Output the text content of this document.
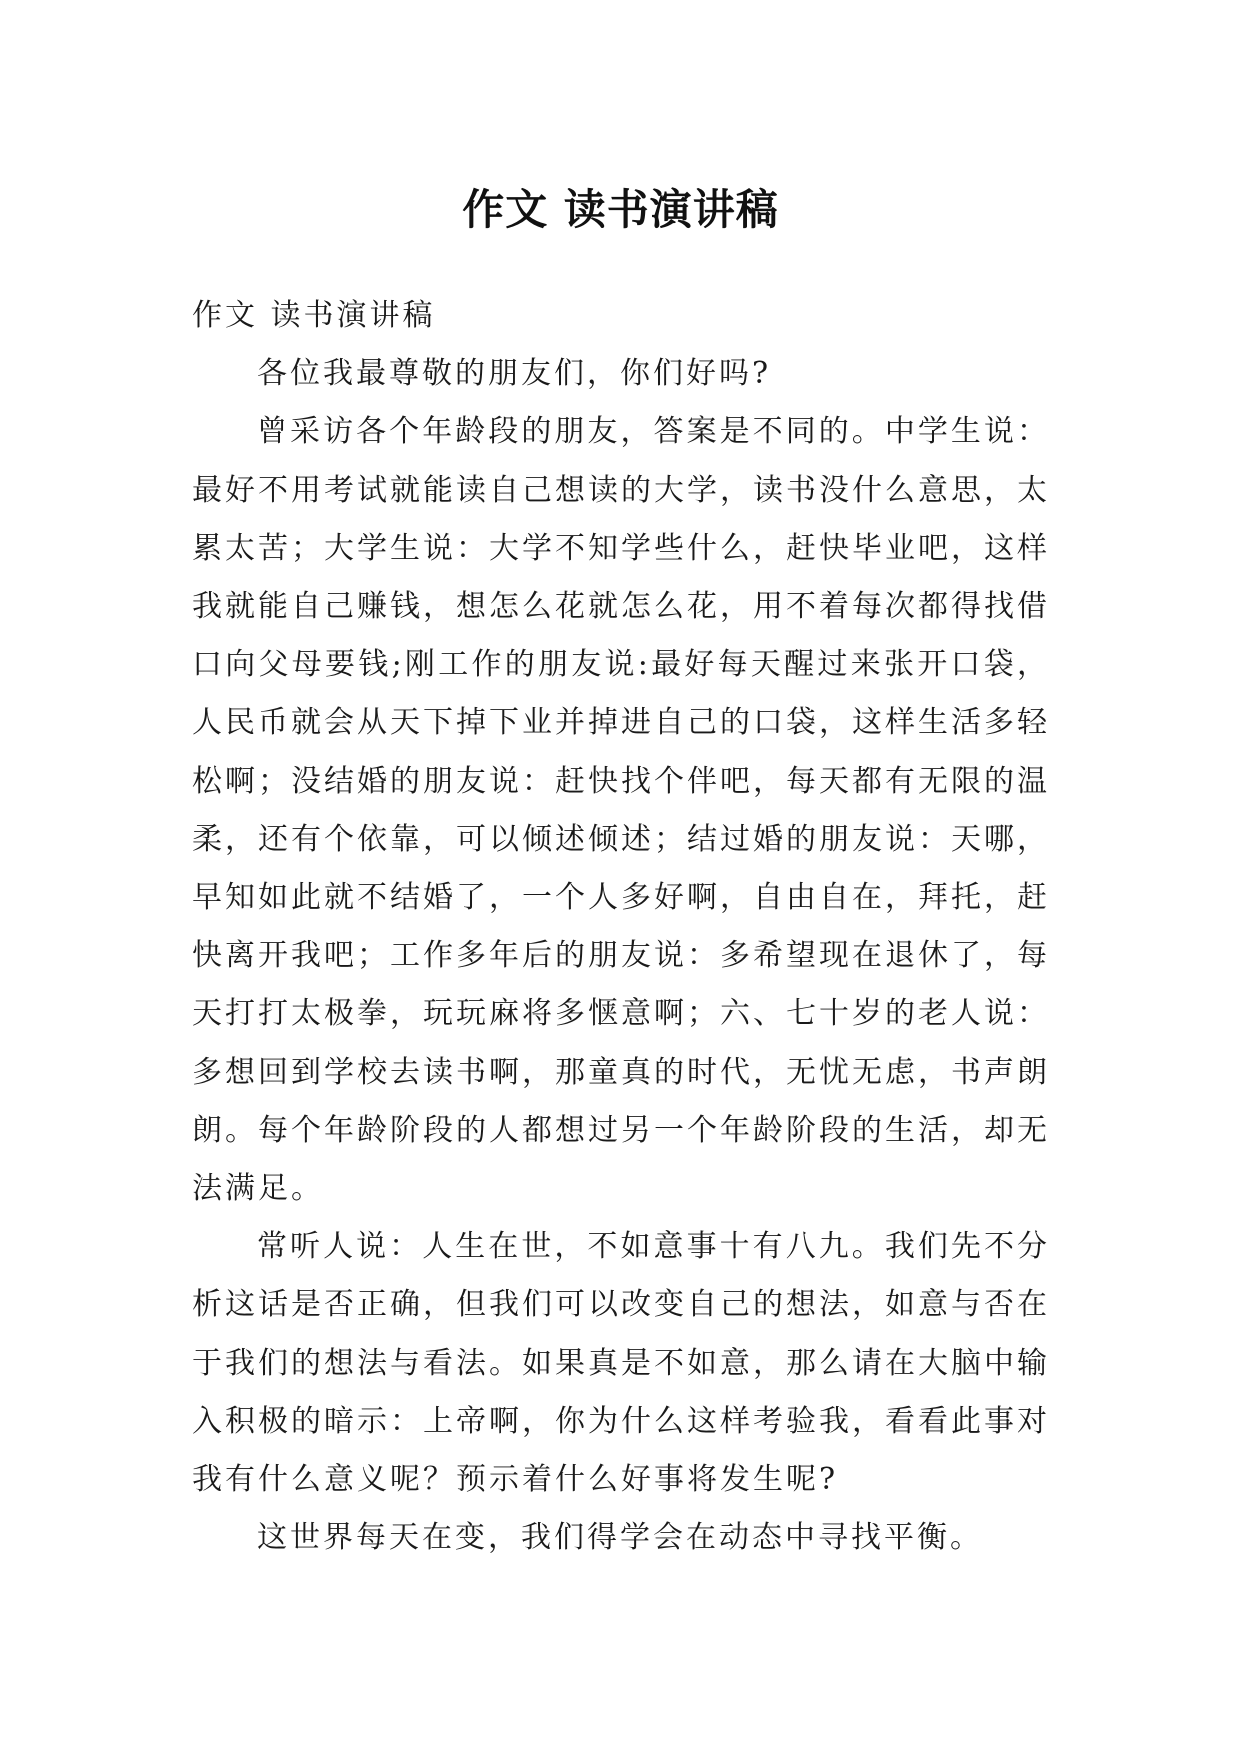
作文 读书演讲稿

作文 读书演讲稿

各位我最尊敬的朋友们，你们好吗?

曾采访各个年龄段的朋友，答案是不同的。中学生说：最好不用考试就能读自己想读的大学，读书没什么意思，太累太苦；大学生说：大学不知学些什么，赶快毕业吧，这样我就能自己赚钱，想怎么花就怎么花，用不着每次都得找借口向父母要钱;刚工作的朋友说:最好每天醒过来张开口袋，人民币就会从天下掉下业并掉进自己的口袋，这样生活多轻松啊；没结婚的朋友说：赶快找个伴吧，每天都有无限的温柔，还有个依靠，可以倾述倾述；结过婚的朋友说：天哪，早知如此就不结婚了，一个人多好啊，自由自在，拜托，赶快离开我吧；工作多年后的朋友说：多希望现在退休了，每天打打太极拳，玩玩麻将多惬意啊；六、七十岁的老人说：多想回到学校去读书啊，那童真的时代，无忧无虑，书声朗朗。每个年龄阶段的人都想过另一个年龄阶段的生活，却无法满足。

常听人说：人生在世，不如意事十有八九。我们先不分析这话是否正确，但我们可以改变自己的想法，如意与否在于我们的想法与看法。如果真是不如意，那么请在大脑中输入积极的暗示：上帝啊，你为什么这样考验我，看看此事对我有什么意义呢？预示着什么好事将发生呢?

这世界每天在变，我们得学会在动态中寻找平衡。
